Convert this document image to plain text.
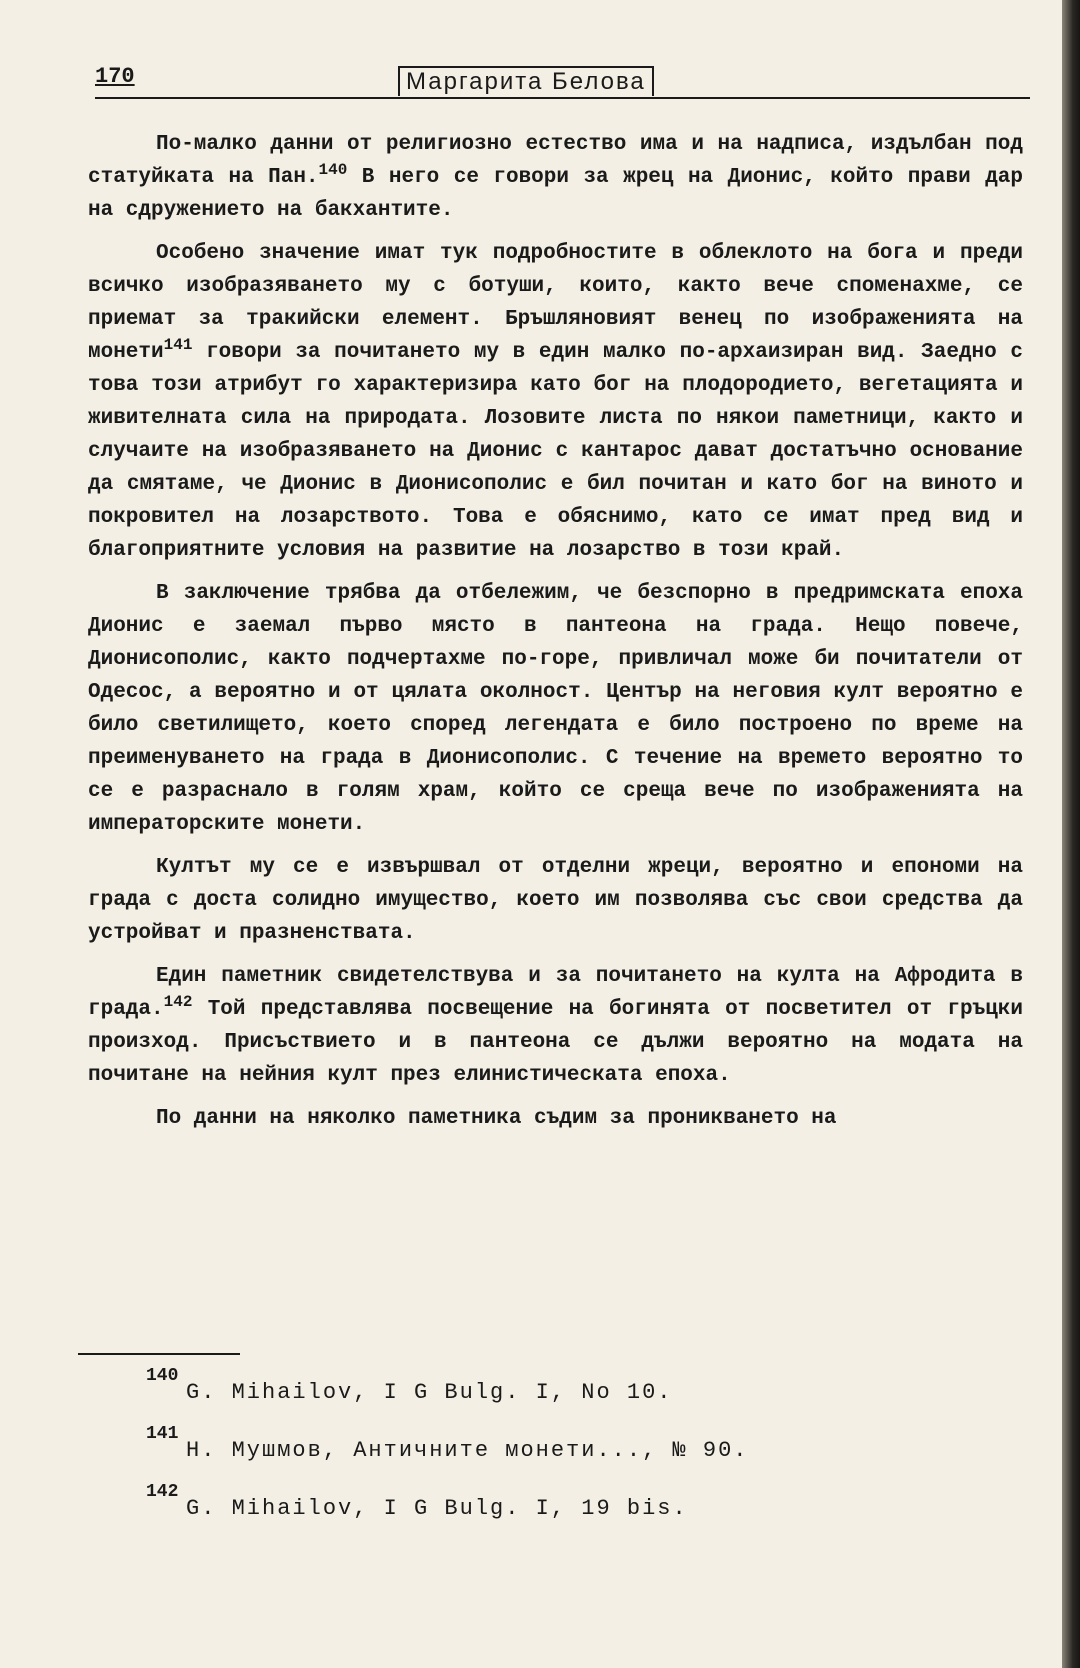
170	Маргарита Белова

По-малко данни от религиозно естество има и на надписа, издълбан под статуйката на Пан.$^{140}$ В него се говори за жрец на Дионис, който прави дар на сдружението на бакхантите.

Особено значение имат тук подробностите в облеклото на бога и преди всичко изобразяването му с ботуши, които, както вече споменахме, се приемат за тракийски елемент. Бръшляновият венец по изображенията на монети$^{141}$ говори за почитането му в един малко по-архаизиран вид. Заедно с това този атрибут го характеризира като бог на плодородието, вегетацията и живителната сила на природата. Лозовите листа по някои паметници, както и случаите на изобразяването на Дионис с кантарос дават достатъчно основание да смятаме, че Дионис в Дионисополис е бил почитан и като бог на виното и покровител на лозарството. Това е обяснимо, като се имат пред вид и благоприятните условия на развитие на лозарство в този край.

В заключение трябва да отбележим, че безспорно в предримската епоха Дионис е заемал първо място в пантеона на града. Нещо повече, Дионисополис, както подчертахме по-горе, привличал може би почитатели от Одесос, а вероятно и от цялата околност. Център на неговия култ вероятно е било светилището, което според легендата е било построено по време на преименуването на града в Дионисополис. С течение на времето вероятно то се е разраснало в голям храм, който се среща вече по изображенията на императорските монети.

Култът му се е извършвал от отделни жреци, вероятно и епономи на града с доста солидно имущество, което им позволява със свои средства да устройват и празненствата.

Един паметник свидетелствува и за почитането на култа на Афродита в града.$^{142}$ Той представлява посвещение на богинята от посветител от гръцки произход. Присъствието и в пантеона се дължи вероятно на модата на почитане на нейния култ през елинистическата епоха.

По данни на няколко паметника съдим за проникването на

140
G. Mihailov, I G Bulg. I, No 10.
141
Н. Мушмов, Античните монети..., № 90.
142
G. Mihailov, I G Bulg. I, 19 bis.
